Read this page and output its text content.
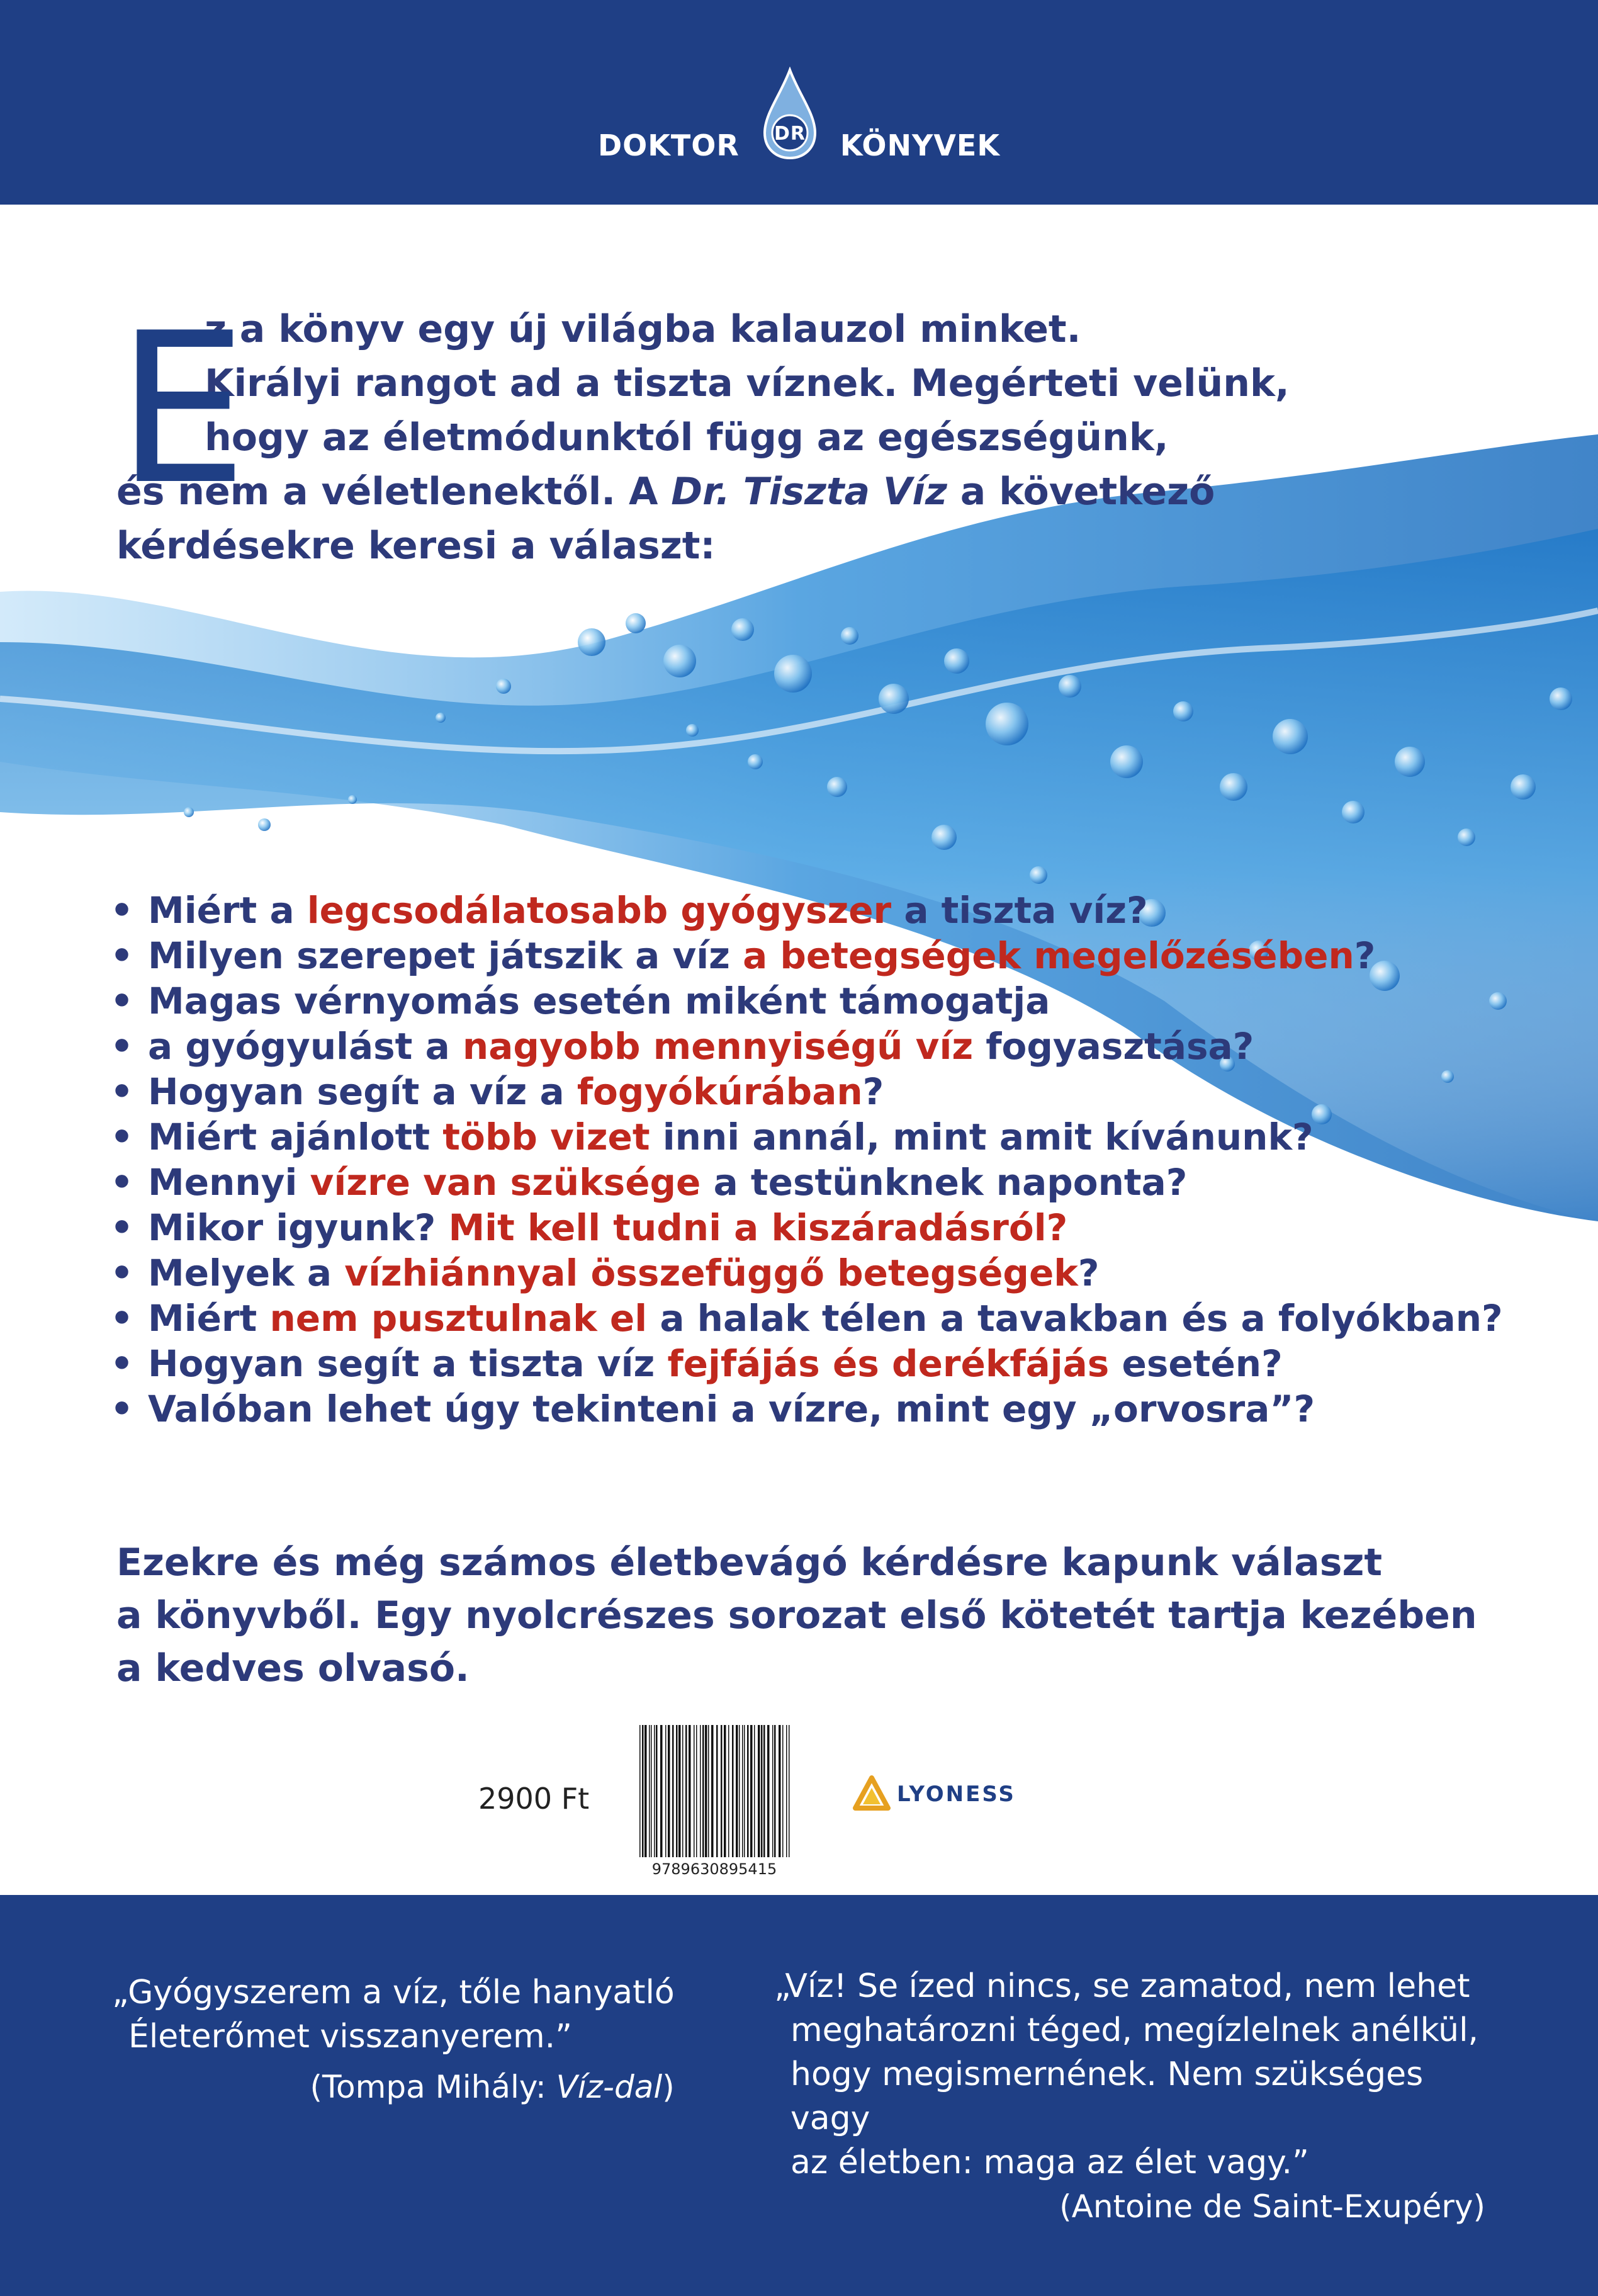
DOKTOR DR KÖNYVEK
E
z a könyv egy új világba kalauzol minket.
Királyi rangot ad a tiszta víznek. Megérteti velünk,
hogy az életmódunktól függ az egészségünk,
és nem a véletlenektől. A Dr. Tiszta Víz a következő
kérdésekre keresi a választ:
• Miért a legcsodálatosabb gyógyszer a tiszta víz?
• Milyen szerepet játszik a víz a betegségek megelőzésében?
• Magas vérnyomás esetén miként támogatja
• a gyógyulást a nagyobb mennyiségű víz fogyasztása?
• Hogyan segít a víz a fogyókúrában?
• Miért ajánlott több vizet inni annál, mint amit kívánunk?
• Mennyi vízre van szüksége a testünknek naponta?
• Mikor igyunk? Mit kell tudni a kiszáradásról?
• Melyek a vízhiánnyal összefüggő betegségek?
• Miért nem pusztulnak el a halak télen a tavakban és a folyókban?
• Hogyan segít a tiszta víz fejfájás és derékfájás esetén?
• Valóban lehet úgy tekinteni a vízre, mint egy „orvosra”?
Ezekre és még számos életbevágó kérdésre kapunk választ
a könyvből. Egy nyolcrészes sorozat első kötetét tartja kezében
a kedves olvasó.
2900 Ft
9789630895415
LYONESS
„Gyógyszerem a víz, tőle hanyatló
Életerőmet visszanyerem.”
(Tompa Mihály: Víz-dal)
„Víz! Se ízed nincs, se zamatod, nem lehet
meghatározni téged, megízlelnek anélkül,
hogy megismernének. Nem szükséges vagy
az életben: maga az élet vagy.”
(Antoine de Saint-Exupéry)
